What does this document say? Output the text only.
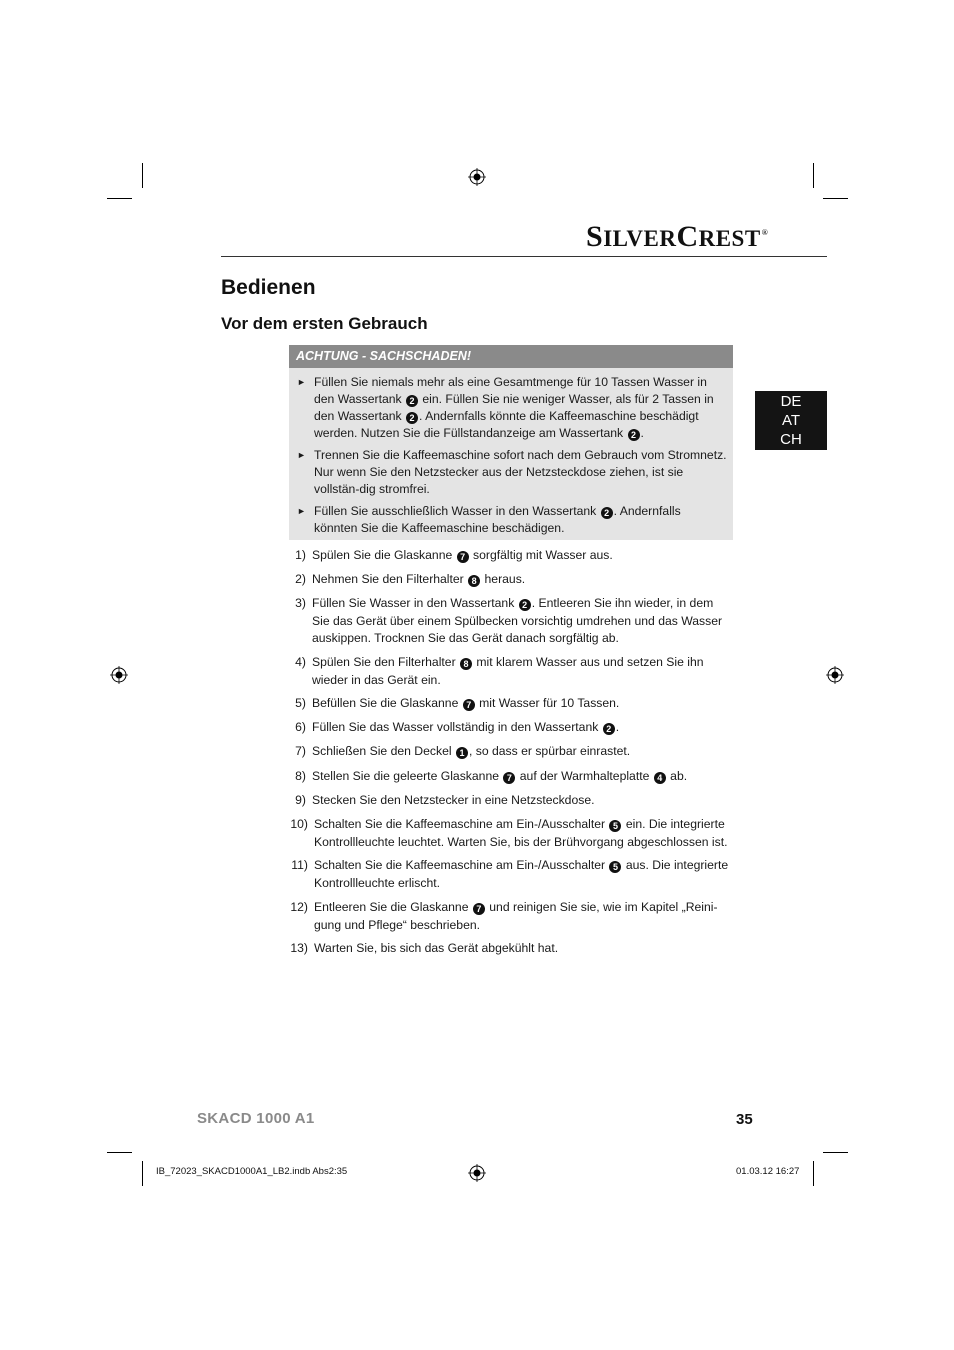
SILVERCREST®
Bedienen
Vor dem ersten Gebrauch
ACHTUNG - SACHSCHADEN!
► Füllen Sie niemals mehr als eine Gesamtmenge für 10 Tassen Wasser in den Wassertank 2 ein. Füllen Sie nie weniger Wasser, als für 2 Tassen in den Wassertank 2 . Andernfalls könnte die Kaffeemaschine beschädigt werden. Nutzen Sie die Füllstandanzeige am Wassertank 2 .
► Trennen Sie die Kaffeemaschine sofort nach dem Gebrauch vom Stromnetz. Nur wenn Sie den Netzstecker aus der Netzsteckdose ziehen, ist sie vollstän-dig stromfrei.
► Füllen Sie ausschließlich Wasser in den Wassertank 2 . Andernfalls könnten Sie die Kaffeemaschine beschädigen.
DE
AT
CH
1) Spülen Sie die Glaskanne 7 sorgfältig mit Wasser aus.
2) Nehmen Sie den Filterhalter 8 heraus.
3) Füllen Sie Wasser in den Wassertank 2 . Entleeren Sie ihn wieder, in dem Sie das Gerät über einem Spülbecken vorsichtig umdrehen und das Wasser auskippen. Trocknen Sie das Gerät danach sorgfältig ab.
4) Spülen Sie den Filterhalter 8 mit klarem Wasser aus und setzen Sie ihn wieder in das Gerät ein.
5) Befüllen Sie die Glaskanne 7 mit Wasser für 10 Tassen.
6) Füllen Sie das Wasser vollständig in den Wassertank 2 .
7) Schließen Sie den Deckel 1 , so dass er spürbar einrastet.
8) Stellen Sie die geleerte Glaskanne 7 auf der Warmhalteplatte 4 ab.
9) Stecken Sie den Netzstecker in eine Netzsteckdose.
10) Schalten Sie die Kaffeemaschine am Ein-/Ausschalter 5 ein. Die integrierte Kontrollleuchte leuchtet. Warten Sie, bis der Brühvorgang abgeschlossen ist.
11) Schalten Sie die Kaffeemaschine am Ein-/Ausschalter 5 aus. Die integrierte Kontrollleuchte erlischt.
12) Entleeren Sie die Glaskanne 7 und reinigen Sie sie, wie im Kapitel „Reini-gung und Pflege“ beschrieben.
13) Warten Sie, bis sich das Gerät abgekühlt hat.
SKACD 1000 A1	35
IB_72023_SKACD1000A1_LB2.indb Abs2:35	01.03.12 16:27
